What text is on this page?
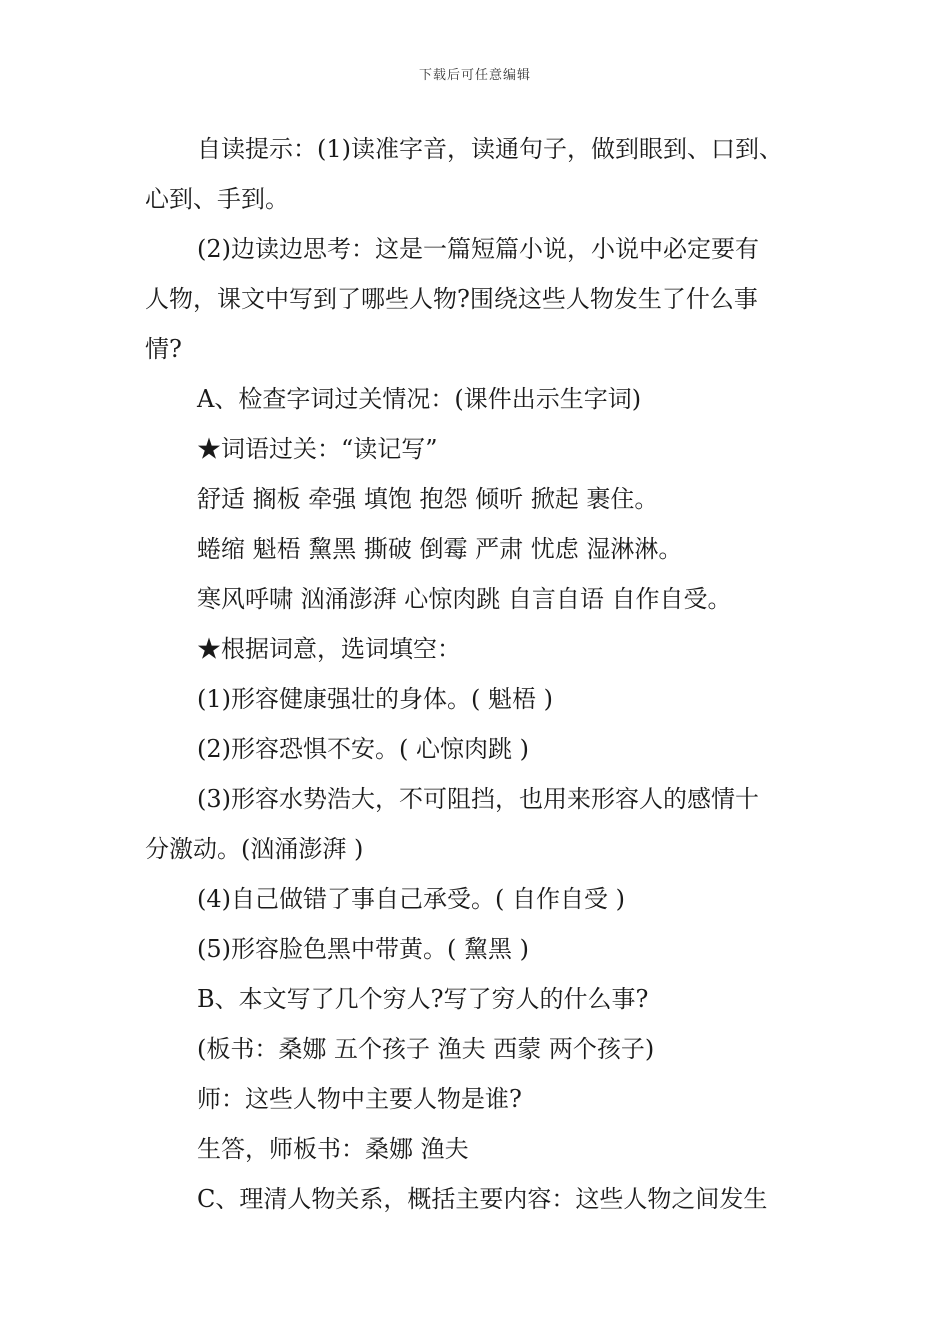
下载后可任意编辑
自读提示：(1)读准字音，读通句子，做到眼到、口到、
心到、手到。
(2)边读边思考：这是一篇短篇小说，小说中必定要有
人物，课文中写到了哪些人物?围绕这些人物发生了什么事
情?
A、检查字词过关情况：(课件出示生字词)
★词语过关：“读记写”
舒适 搁板 牵强 填饱 抱怨 倾听 掀起 裹住。
蜷缩 魁梧 黧黑 撕破 倒霉 严肃 忧虑 湿淋淋。
寒风呼啸 汹涌澎湃 心惊肉跳 自言自语 自作自受。
★根据词意，选词填空：
(1)形容健康强壮的身体。( 魁梧 )
(2)形容恐惧不安。( 心惊肉跳 )
(3)形容水势浩大，不可阻挡，也用来形容人的感情十
分激动。(汹涌澎湃 )
(4)自己做错了事自己承受。( 自作自受 )
(5)形容脸色黑中带黄。( 黧黑 )
B、本文写了几个穷人?写了穷人的什么事?
(板书：桑娜 五个孩子 渔夫 西蒙 两个孩子)
师：这些人物中主要人物是谁?
生答，师板书：桑娜 渔夫
C、理清人物关系，概括主要内容：这些人物之间发生
